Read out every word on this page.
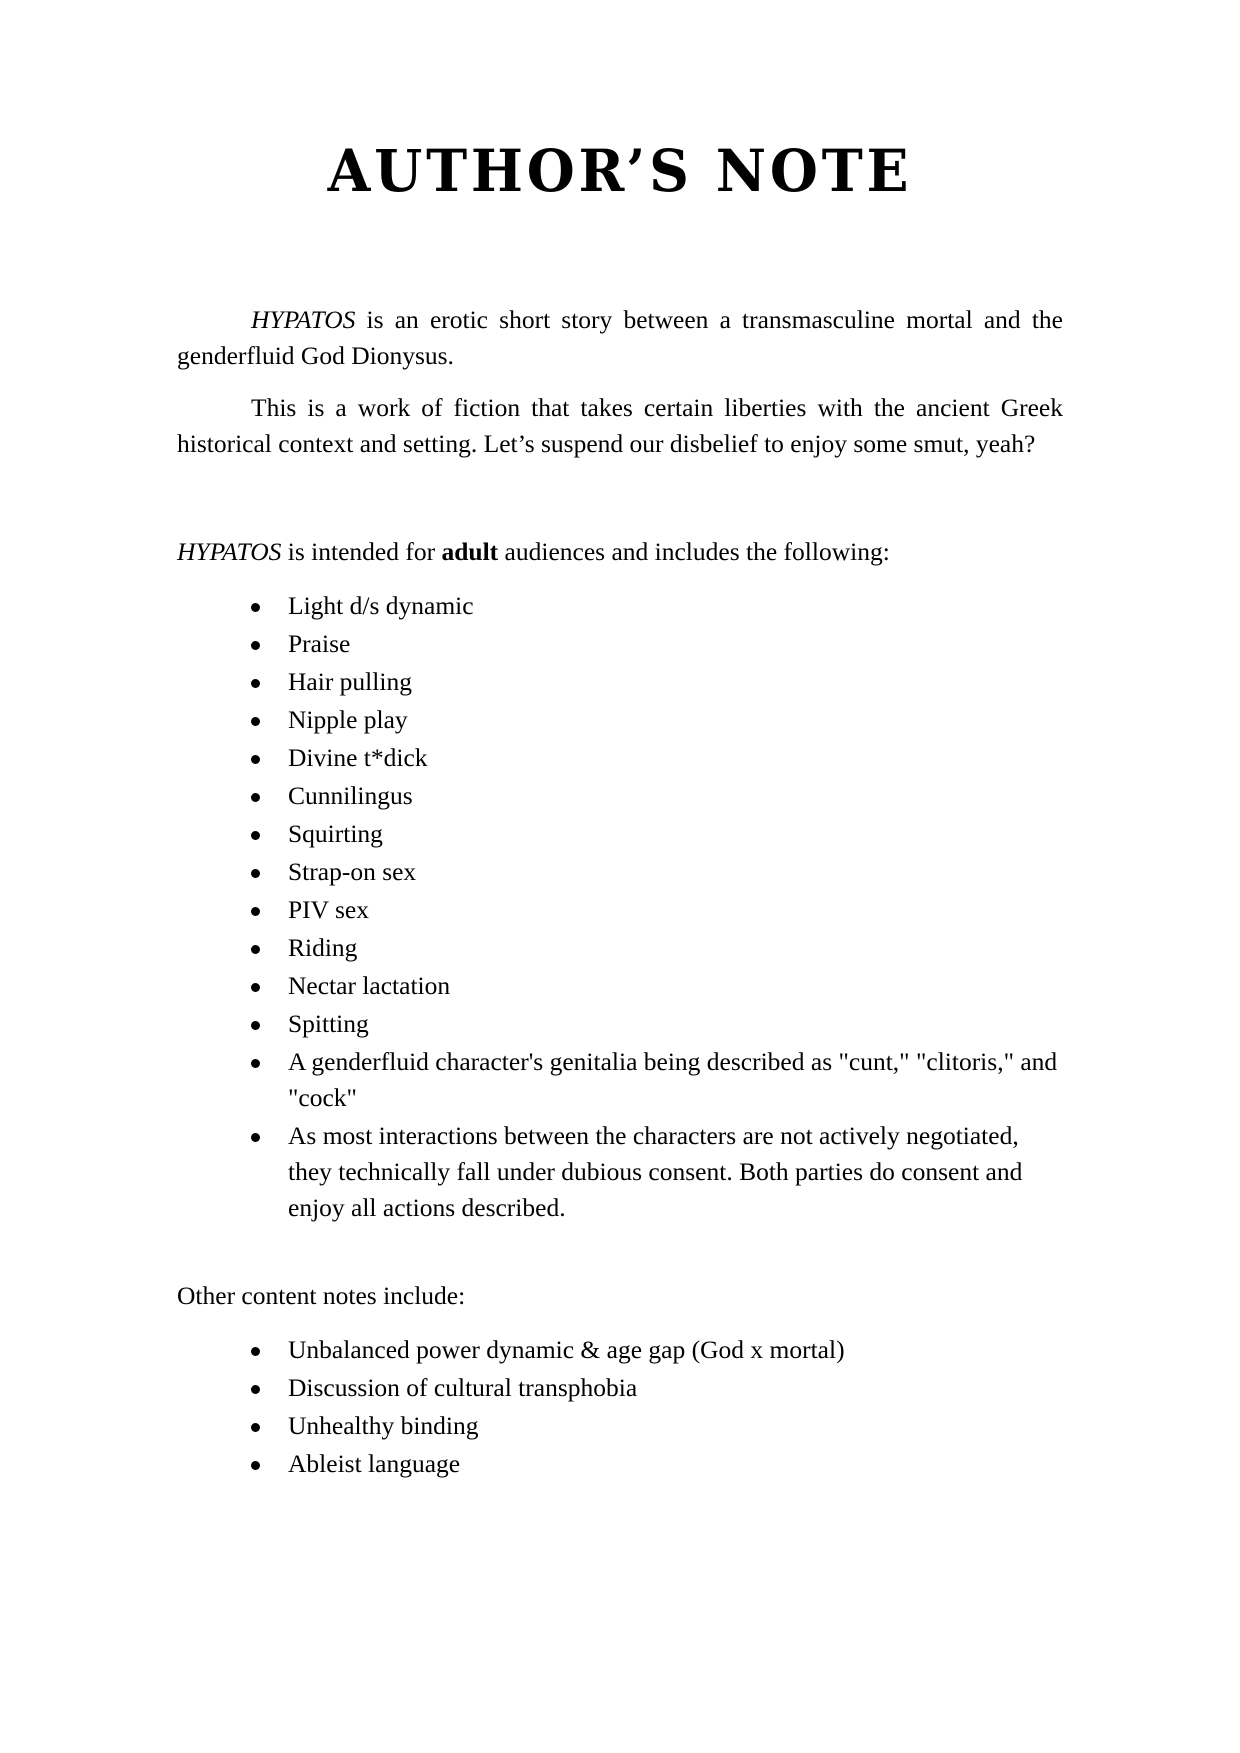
AUTHOR’S NOTE

HYPATOS is an erotic short story between a transmasculine mortal and the genderfluid God Dionysus.

This is a work of fiction that takes certain liberties with the ancient Greek historical context and setting. Let’s suspend our disbelief to enjoy some smut, yeah?

HYPATOS is intended for adult audiences and includes the following:

Light d/s dynamic
Praise
Hair pulling
Nipple play
Divine t*dick
Cunnilingus
Squirting
Strap-on sex
PIV sex
Riding
Nectar lactation
Spitting
A genderfluid character's genitalia being described as "cunt," "clitoris," and "cock"
As most interactions between the characters are not actively negotiated, they technically fall under dubious consent. Both parties do consent and enjoy all actions described.

Other content notes include:

Unbalanced power dynamic & age gap (God x mortal)
Discussion of cultural transphobia
Unhealthy binding
Ableist language
